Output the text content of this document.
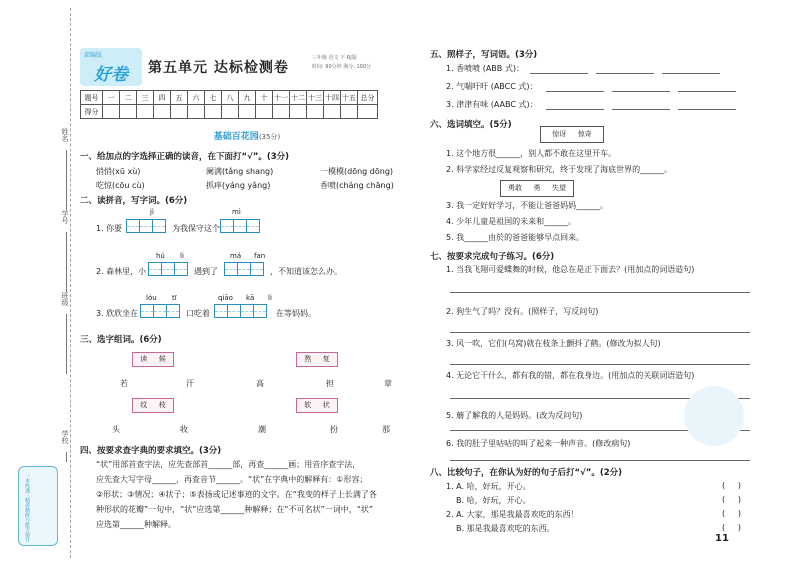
姓名
学号
班级
学校
一本练透 · 精讲精练与能力提升
部编版
好卷 第五单元 达标检测卷
三年级 语文 下 RJ版
时间: 90分钟 满分: 100分
题号	一	二	三	四	五	六	七	八	九	十	十一	十二	十三	十四	十五	总分
得分																
基础百花园(35分)
一、给加点的字选择正确的读音，在下面打“√”。(3分)
悄悄(xū xù)	阑满(tǎng shang)	一模模(dōng dōng)
吃惊(cōu cù)	抓痒(yáng yǎng)	香喷(cháng chāng)
二、读拼音，写字词。(6分)
jì	mì
1. 你要	为我保守这个
hú li	má fan
2. 森林里，小	遇到了	，不知道该怎么办。
lóu tī	qiāo kā li
3. 欣欣坐在	口吃着	在等妈妈。
三、选字组词。(6分)
读 　 候	熬 　 复
若	汗	高	担	章
纹 　 枝	软 　 状
头	收	潮	扮	那
四、按要求查字典的要求填空。(3分)
“状”用部首查字法，应先查部首______部，再查______画；用音序查字法，
应先查大写字母______，再查音节______。“状”在字典中的解释有：①形容；
②形状；③情况；④状子；⑤表扬或记述事迹的文字。在“我变的样子上长满了各
种形状的花瓣”一句中，“状”应选第______种解释；在“不可名状”一词中，“状”
应选第______种解释。
五、照样子，写词语。(3分)
1. 香喷喷 (ABB 式)：
2. 气喘吁吁 (ABCC 式)：
3. 津津有味 (AABC 式)：
六、选词填空。(5分)
惊讶 　 惊奇
1. 这个地方很______，别人都不敢在这里开车。
2. 科学家经过反复观察和研究，终于发现了海底世界的______。
勇敢 　 勇 　 失望
3. 我一定好好学习，不能让爸爸妈妈______。
4. 少年儿童是祖国的未来和______。
5. 我______由於的爸爸能够早点回来。
七、按要求完成句子练习。(6分)
1. 当我飞翔可爱蝶舞的时候，他总在是正下面去？(用加点的词语造句)
2. 狗生气了吗？没有。(照样子，写反问句)
3. 风一吹，它们(乌窝)就在枝条上颤抖了鹤。(修改为拟人句)
4. 无论它干什么，都有我的错，都在我身边。(用加点的关联词语造句)
5. 蘑了解我的人是妈妈。(改为反问句)
6. 我的肚子里咕咕的叫了起来一种声音。(修改病句)
八、比较句子，在你认为好的句子后打“√”。(2分)
1. A. 哈，好玩，开心。	(     )
B. 哈，好玩，开心。	(     )
2. A. 大家，那是我最喜欢吃的东西！	(     )
B. 那是我最喜欢吃的东西。	(     )
11
